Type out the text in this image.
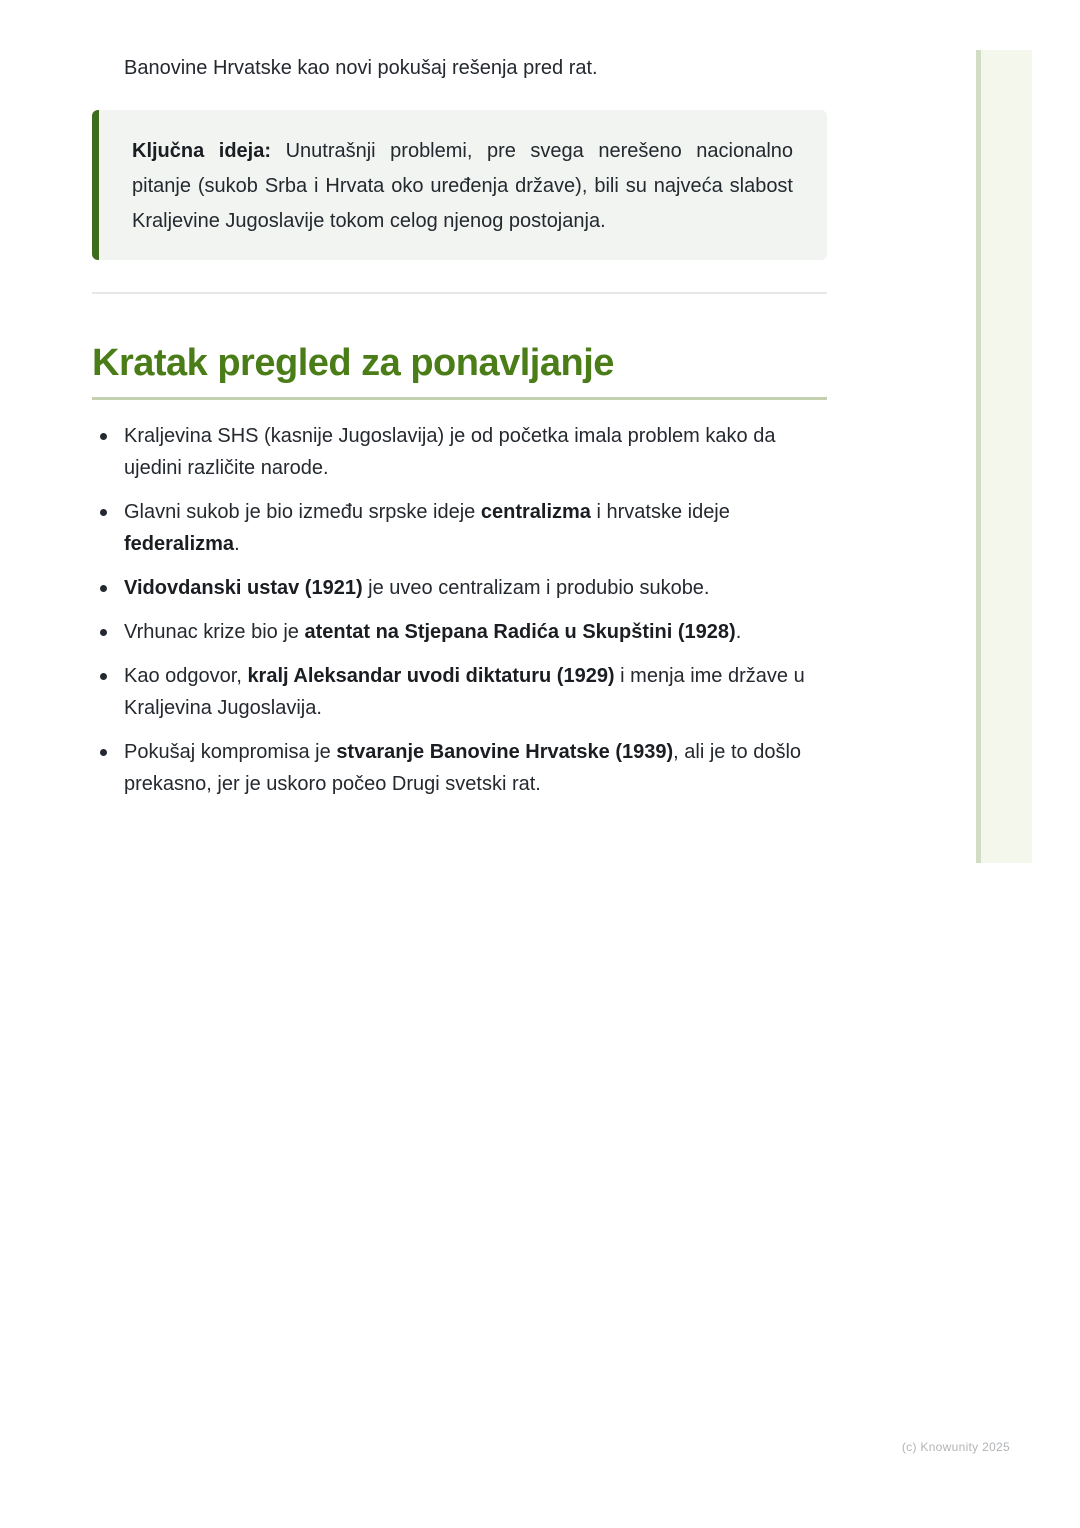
Banovine Hrvatske kao novi pokušaj rešenja pred rat.
Ključna ideja: Unutrašnji problemi, pre svega nerešeno nacionalno pitanje (sukob Srba i Hrvata oko uređenja države), bili su najveća slabost Kraljevine Jugoslavije tokom celog njenog postojanja.
Kratak pregled za ponavljanje
Kraljevina SHS (kasnije Jugoslavija) je od početka imala problem kako da ujedini različite narode.
Glavni sukob je bio između srpske ideje centralizma i hrvatske ideje federalizma.
Vidovdanski ustav (1921) je uveo centralizam i produbio sukobe.
Vrhunac krize bio je atentat na Stjepana Radića u Skupštini (1928).
Kao odgovor, kralj Aleksandar uvodi diktaturu (1929) i menja ime države u Kraljevina Jugoslavija.
Pokušaj kompromisa je stvaranje Banovine Hrvatske (1939), ali je to došlo prekasno, jer je uskoro počeo Drugi svetski rat.
(c) Knowunity 2025
